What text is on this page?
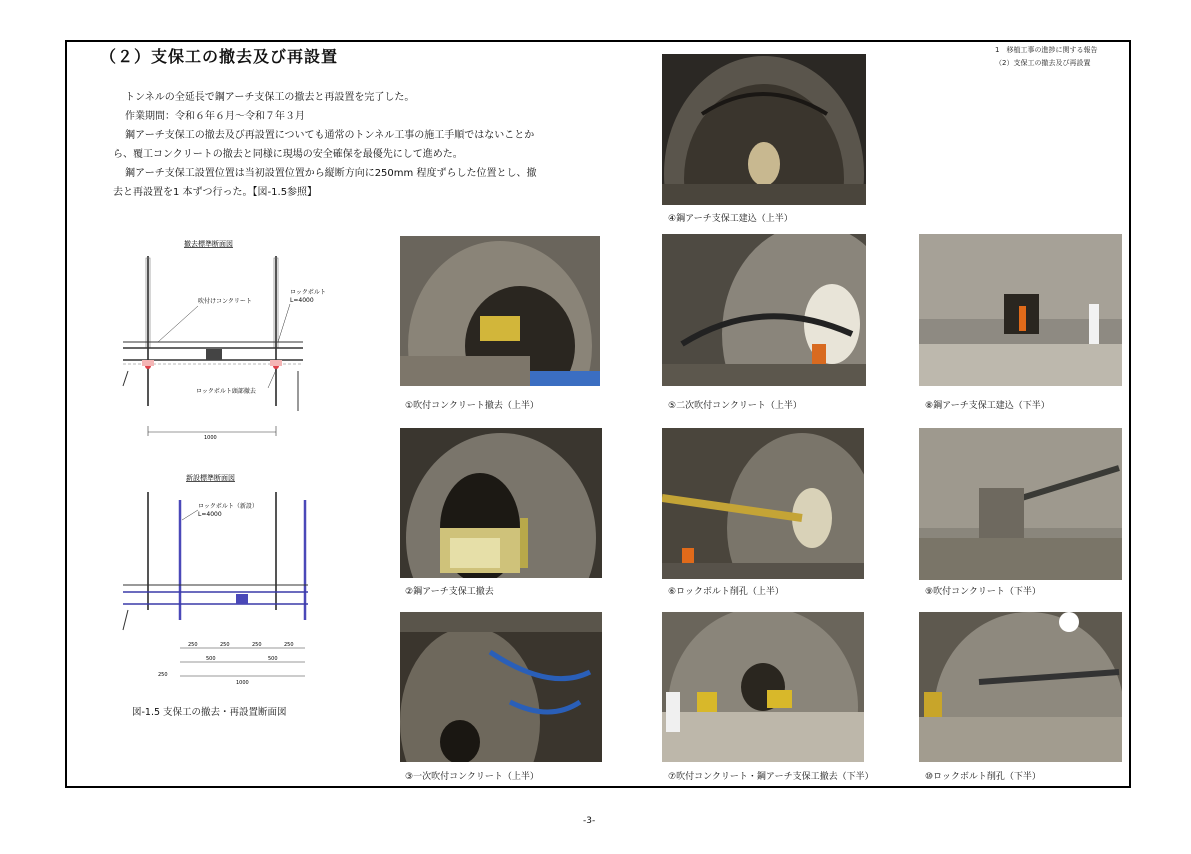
（２）支保工の撤去及び再設置	1　移植工事の進捗に関する報告
（2）支保工の撤去及び再設置

トンネルの全延長で鋼アーチ支保工の撤去と再設置を完了した。

作業期間：令和６年６月～令和７年３月

鋼アーチ支保工の撤去及び再設置についても通常のトンネル工事の施工手順ではないことか

ら、覆工コンクリートの撤去と同様に現場の安全確保を最優先にして進めた。

鋼アーチ支保工設置位置は当初設置位置から縦断方向に250mm 程度ずらした位置とし、撤

去と再設置を1 本ずつ行った。【図-1.5参照】

撤去標準断面図
吹付けコンクリート
ロックボルト
L=4000
ロックボルト頭部撤去
1000
新設標準断面図
ロックボルト（新設）
L=4000
250	250	250	250
500	500
250
1000
図-1.5 支保工の撤去・再設置断面図
④鋼アーチ支保工建込（上半）
①吹付コンクリート撤去（上半）	⑤二次吹付コンクリート（上半）	⑧鋼アーチ支保工建込（下半）
②鋼アーチ支保工撤去	⑥ロックボルト削孔（上半）	⑨吹付コンクリート（下半）
③一次吹付コンクリート（上半）	⑦吹付コンクリート・鋼アーチ支保工撤去（下半）	⑩ロックボルト削孔（下半）
-3-
